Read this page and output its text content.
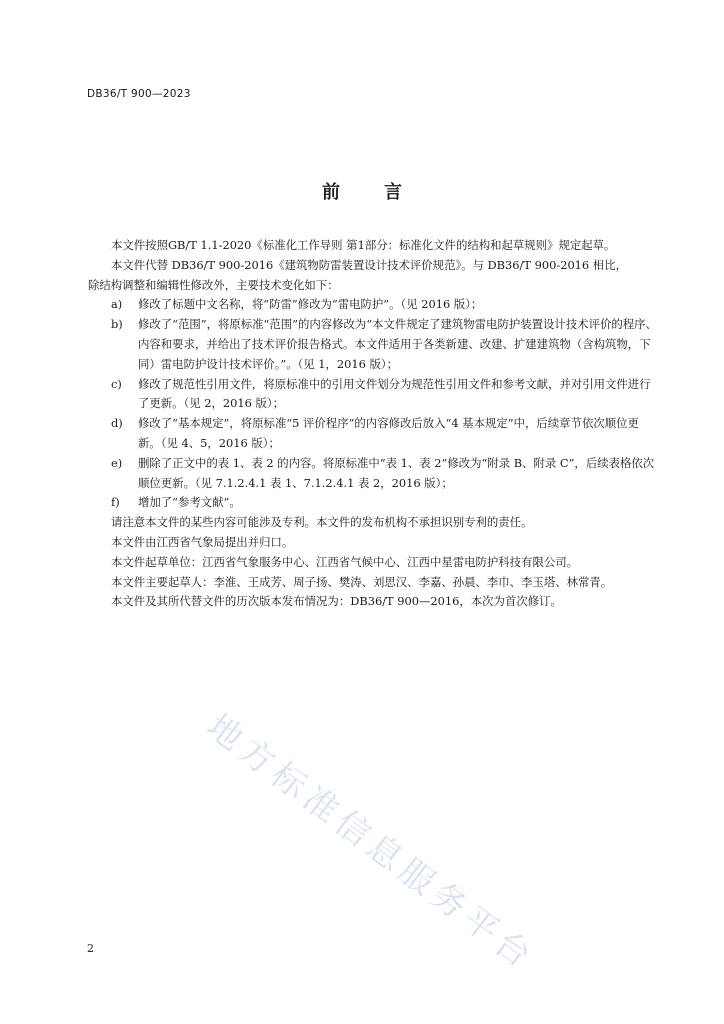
DB36/T 900—2023
前 言

本文件按照GB/T 1.1-2020《标准化工作导则 第1部分：标准化文件的结构和起草规则》规定起草。

本文件代替 DB36/T 900-2016《建筑物防雷装置设计技术评价规范》。与 DB36/T 900-2016 相比，

除结构调整和编辑性修改外，主要技术变化如下：

a)	修改了标题中文名称，将“防雷”修改为“雷电防护”。（见 2016 版）；
b)	修改了“范围”，将原标准“范围”的内容修改为“本文件规定了建筑物雷电防护装置设计技术评价的程序、内容和要求，并给出了技术评价报告格式。本文件适用于各类新建、改建、扩建建筑物（含构筑物，下同）雷电防护设计技术评价。”。（见 1，2016 版）；
c)	修改了规范性引用文件，将原标准中的引用文件划分为规范性引用文件和参考文献，并对引用文件进行了更新。（见 2，2016 版）；
d)	修改了“基本规定”，将原标准“5 评价程序”的内容修改后放入“4 基本规定”中，后续章节依次顺位更新。（见 4、5，2016 版）；
e)	删除了正文中的表 1、表 2 的内容。将原标准中“表 1、表 2”修改为“附录 B、附录 C”，后续表格依次顺位更新。（见 7.1.2.4.1 表 1、7.1.2.4.1 表 2，2016 版）；
f)	增加了“参考文献”。

请注意本文件的某些内容可能涉及专利。本文件的发布机构不承担识别专利的责任。

本文件由江西省气象局提出并归口。

本文件起草单位：江西省气象服务中心、江西省气候中心、江西中星雷电防护科技有限公司。

本文件主要起草人：李淮、王成芳、周子扬、樊涛、刘思汉、李嘉、孙晨、李巾、李玉塔、林常青。

本文件及其所代替文件的历次版本发布情况为：DB36/T 900—2016，本次为首次修订。

地方标准信息服务平台
2
